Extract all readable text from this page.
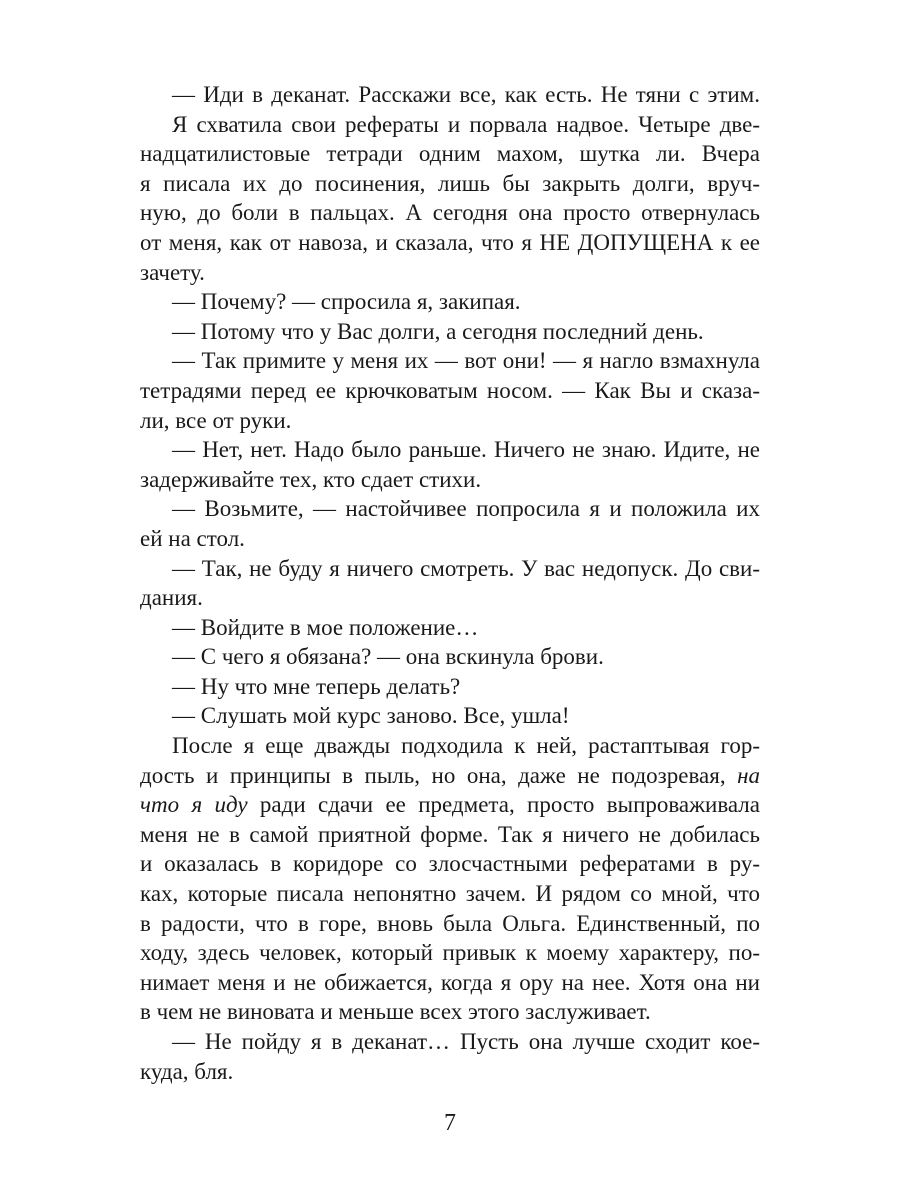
— Иди в деканат. Расскажи все, как есть. Не тяни с этим.
Я схватила свои рефераты и порвала надвое. Четыре две-
надцатилистовые тетради одним махом, шутка ли. Вчера
я писала их до посинения, лишь бы закрыть долги, вруч-
ную, до боли в пальцах. А сегодня она просто отвернулась
от меня, как от навоза, и сказала, что я НЕ ДОПУЩЕНА к ее
зачету.
— Почему? — спросила я, закипая.
— Потому что у Вас долги, а сегодня последний день.
— Так примите у меня их — вот они! — я нагло взмахнула
тетрадями перед ее крючковатым носом. — Как Вы и сказа-
ли, все от руки.
— Нет, нет. Надо было раньше. Ничего не знаю. Идите, не
задерживайте тех, кто сдает стихи.
— Возьмите, — настойчивее попросила я и положила их
ей на стол.
— Так, не буду я ничего смотреть. У вас недопуск. До сви-
дания.
— Войдите в мое положение…
— С чего я обязана? — она вскинула брови.
— Ну что мне теперь делать?
— Слушать мой курс заново. Все, ушла!
После я еще дважды подходила к ней, растаптывая гор-
дость и принципы в пыль, но она, даже не подозревая, на
что я иду ради сдачи ее предмета, просто выпроваживала
меня не в самой приятной форме. Так я ничего не добилась
и оказалась в коридоре со злосчастными рефератами в ру-
ках, которые писала непонятно зачем. И рядом со мной, что
в радости, что в горе, вновь была Ольга. Единственный, по
ходу, здесь человек, который привык к моему характеру, по-
нимает меня и не обижается, когда я ору на нее. Хотя она ни
в чем не виновата и меньше всех этого заслуживает.
— Не пойду я в деканат… Пусть она лучше сходит кое-
куда, бля.
7
